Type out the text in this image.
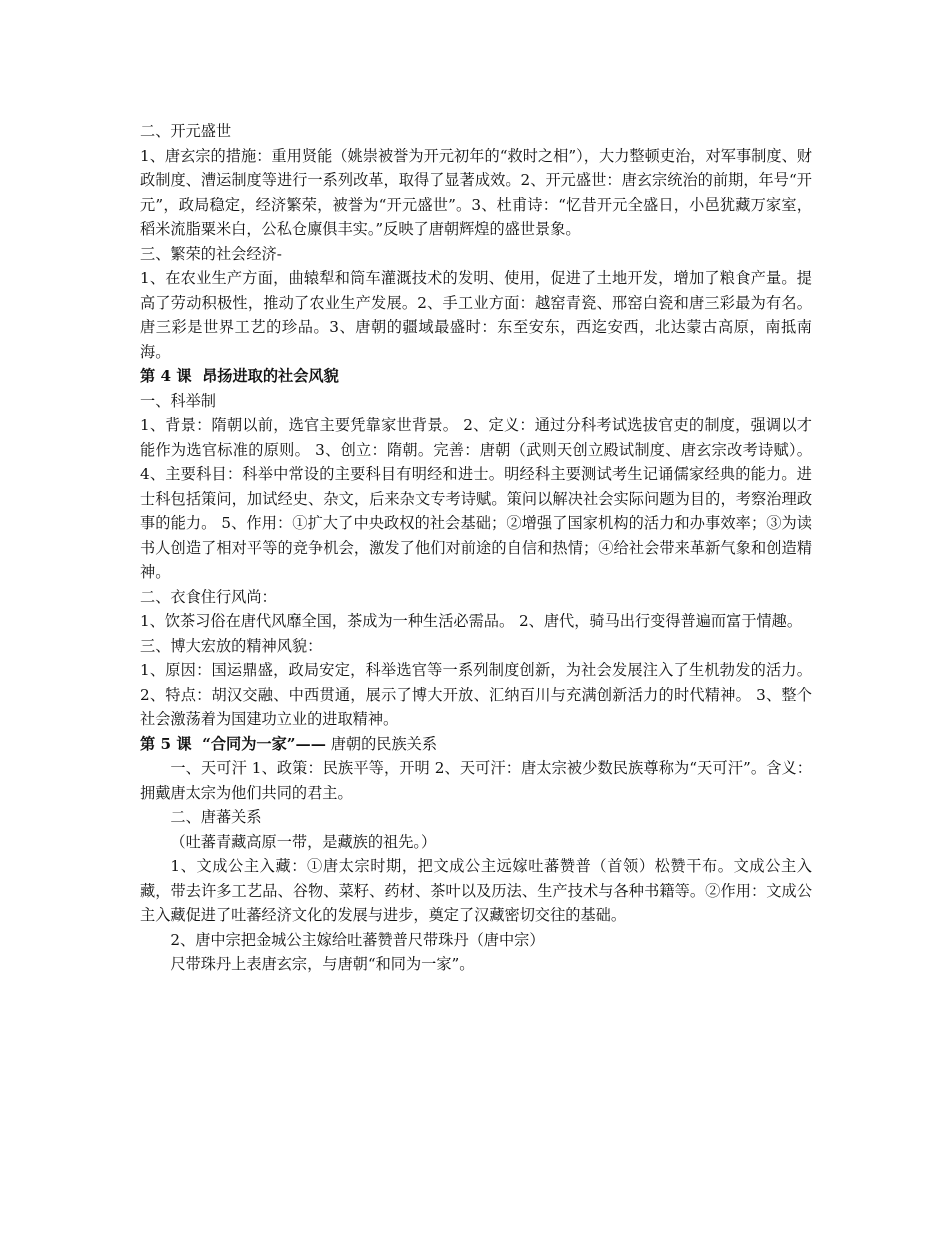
二、开元盛世
1、唐玄宗的措施：重用贤能（姚崇被誉为开元初年的“救时之相”），大力整顿吏治，对军事制度、财政制度、漕运制度等进行一系列改革，取得了显著成效。2、开元盛世：唐玄宗统治的前期，年号“开元”，政局稳定，经济繁荣，被誉为“开元盛世”。3、杜甫诗：“忆昔开元全盛日，小邑犹藏万家室，稻米流脂粟米白，公私仓廪俱丰实。”反映了唐朝辉煌的盛世景象。
三、繁荣的社会经济-
1、在农业生产方面，曲辕犁和筒车灌溉技术的发明、使用，促进了土地开发，增加了粮食产量。提高了劳动积极性，推动了农业生产发展。2、手工业方面：越窑青瓷、邢窑白瓷和唐三彩最为有名。唐三彩是世界工艺的珍品。3、唐朝的疆域最盛时：东至安东，西迄安西，北达蒙古高原，南抵南海。
第 4 课  昂扬进取的社会风貌
一、科举制
1、背景：隋朝以前，选官主要凭靠家世背景。 2、定义：通过分科考试选拔官吏的制度，强调以才能作为选官标准的原则。 3、创立：隋朝。完善：唐朝（武则天创立殿试制度、唐玄宗改考诗赋）。 4、主要科目：科举中常设的主要科目有明经和进士。明经科主要测试考生记诵儒家经典的能力。进士科包括策问，加试经史、杂文，后来杂文专考诗赋。策问以解决社会实际问题为目的，考察治理政事的能力。 5、作用：①扩大了中央政权的社会基础；②增强了国家机构的活力和办事效率；③为读书人创造了相对平等的竞争机会，激发了他们对前途的自信和热情；④给社会带来革新气象和创造精神。
二、衣食住行风尚：
1、饮茶习俗在唐代风靡全国，茶成为一种生活必需品。 2、唐代，骑马出行变得普遍而富于情趣。
三、博大宏放的精神风貌：
1、原因：国运鼎盛，政局安定，科举选官等一系列制度创新，为社会发展注入了生机勃发的活力。 2、特点：胡汉交融、中西贯通，展示了博大开放、汇纳百川与充满创新活力的时代精神。 3、整个社会激荡着为国建功立业的进取精神。
第 5 课  “合同为一家”—— 唐朝的民族关系
一、天可汗 1、政策：民族平等，开明 2、天可汗：唐太宗被少数民族尊称为“天可汗”。含义：拥戴唐太宗为他们共同的君主。
二、唐蕃关系
（吐蕃青藏高原一带，是藏族的祖先。）
1、文成公主入藏：①唐太宗时期，把文成公主远嫁吐蕃赞普（首领）松赞干布。文成公主入藏，带去许多工艺品、谷物、菜籽、药材、茶叶以及历法、生产技术与各种书籍等。②作用：文成公主入藏促进了吐蕃经济文化的发展与进步，奠定了汉藏密切交往的基础。
2、唐中宗把金城公主嫁给吐蕃赞普尺带珠丹（唐中宗）
尺带珠丹上表唐玄宗，与唐朝“和同为一家”。
